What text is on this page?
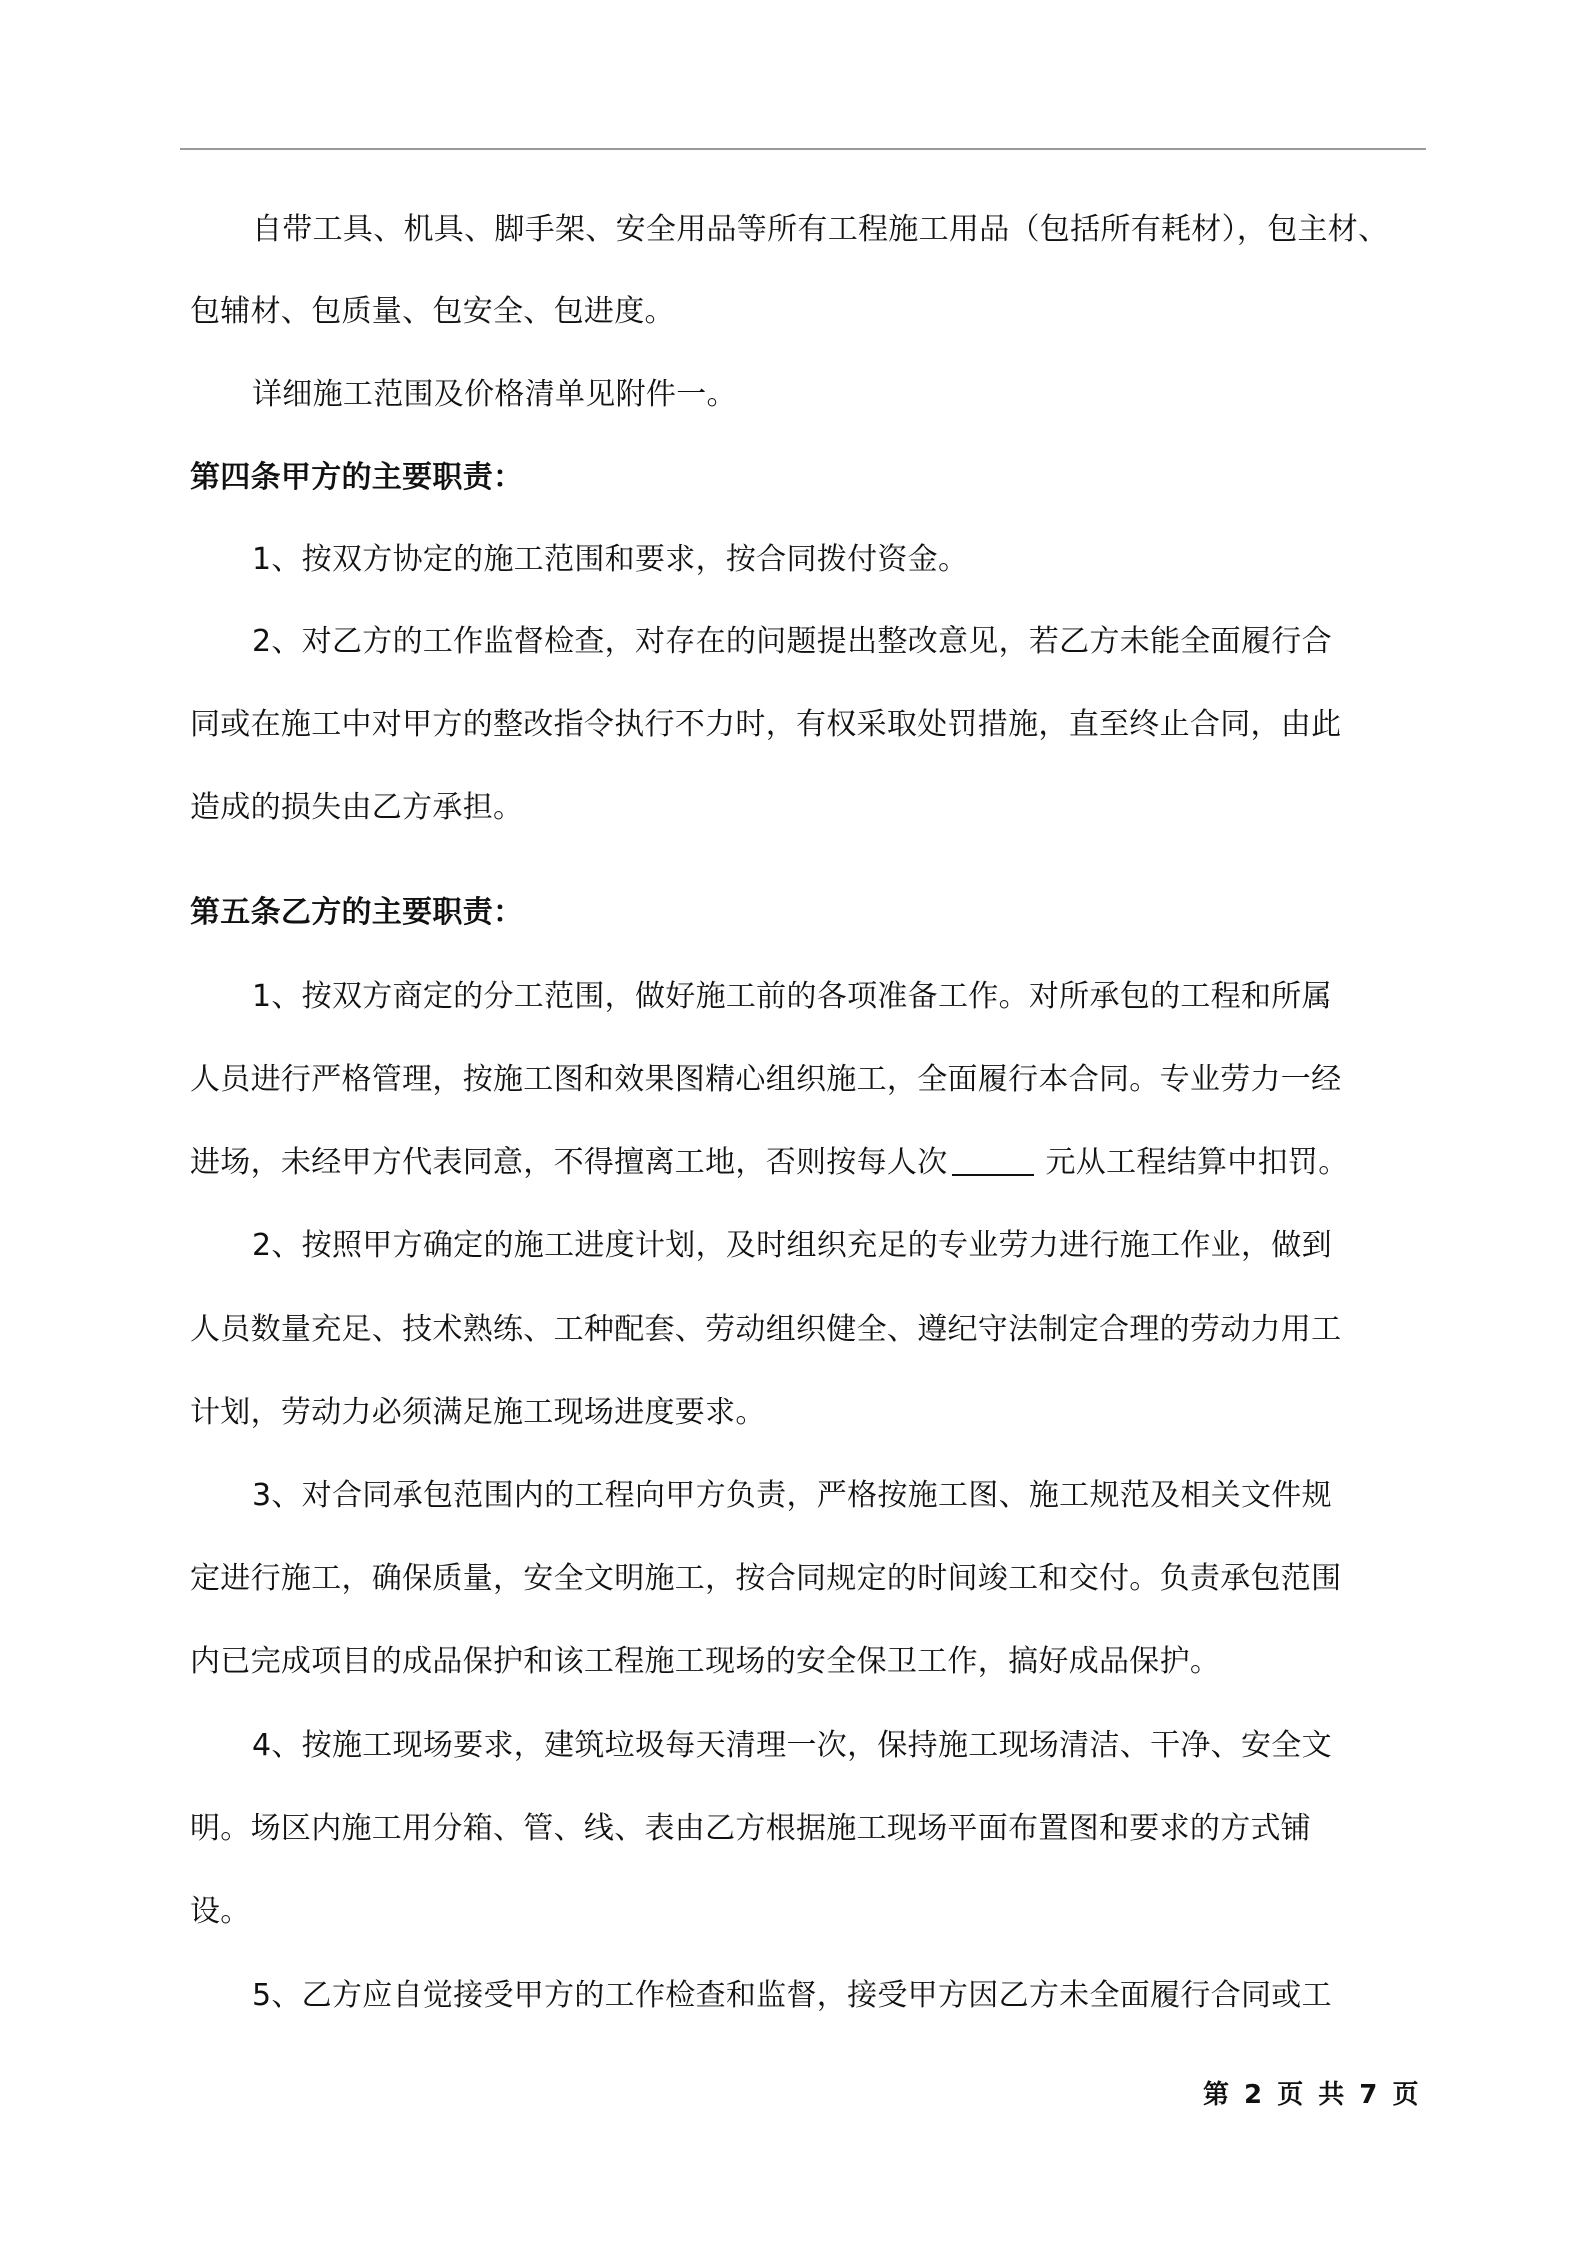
自带工具、机具、脚手架、安全用品等所有工程施工用品（包括所有耗材），包主材、
包辅材、包质量、包安全、包进度。
详细施工范围及价格清单见附件一。
第四条甲方的主要职责：
1、按双方协定的施工范围和要求，按合同拨付资金。
2、对乙方的工作监督检查，对存在的问题提出整改意见，若乙方未能全面履行合
同或在施工中对甲方的整改指令执行不力时，有权采取处罚措施，直至终止合同，由此
造成的损失由乙方承担。
第五条乙方的主要职责：
1、按双方商定的分工范围，做好施工前的各项准备工作。对所承包的工程和所属
人员进行严格管理，按施工图和效果图精心组织施工，全面履行本合同。专业劳力一经
进场，未经甲方代表同意，不得擅离工地，否则按每人次	元从工程结算中扣罚。
2、按照甲方确定的施工进度计划，及时组织充足的专业劳力进行施工作业，做到
人员数量充足、技术熟练、工种配套、劳动组织健全、遵纪守法制定合理的劳动力用工
计划，劳动力必须满足施工现场进度要求。
3、对合同承包范围内的工程向甲方负责，严格按施工图、施工规范及相关文件规
定进行施工，确保质量，安全文明施工，按合同规定的时间竣工和交付。负责承包范围
内已完成项目的成品保护和该工程施工现场的安全保卫工作，搞好成品保护。
4、按施工现场要求，建筑垃圾每天清理一次，保持施工现场清洁、干净、安全文
明。场区内施工用分箱、管、线、表由乙方根据施工现场平面布置图和要求的方式铺
设。
5、乙方应自觉接受甲方的工作检查和监督，接受甲方因乙方未全面履行合同或工
第 2 页 共 7 页
